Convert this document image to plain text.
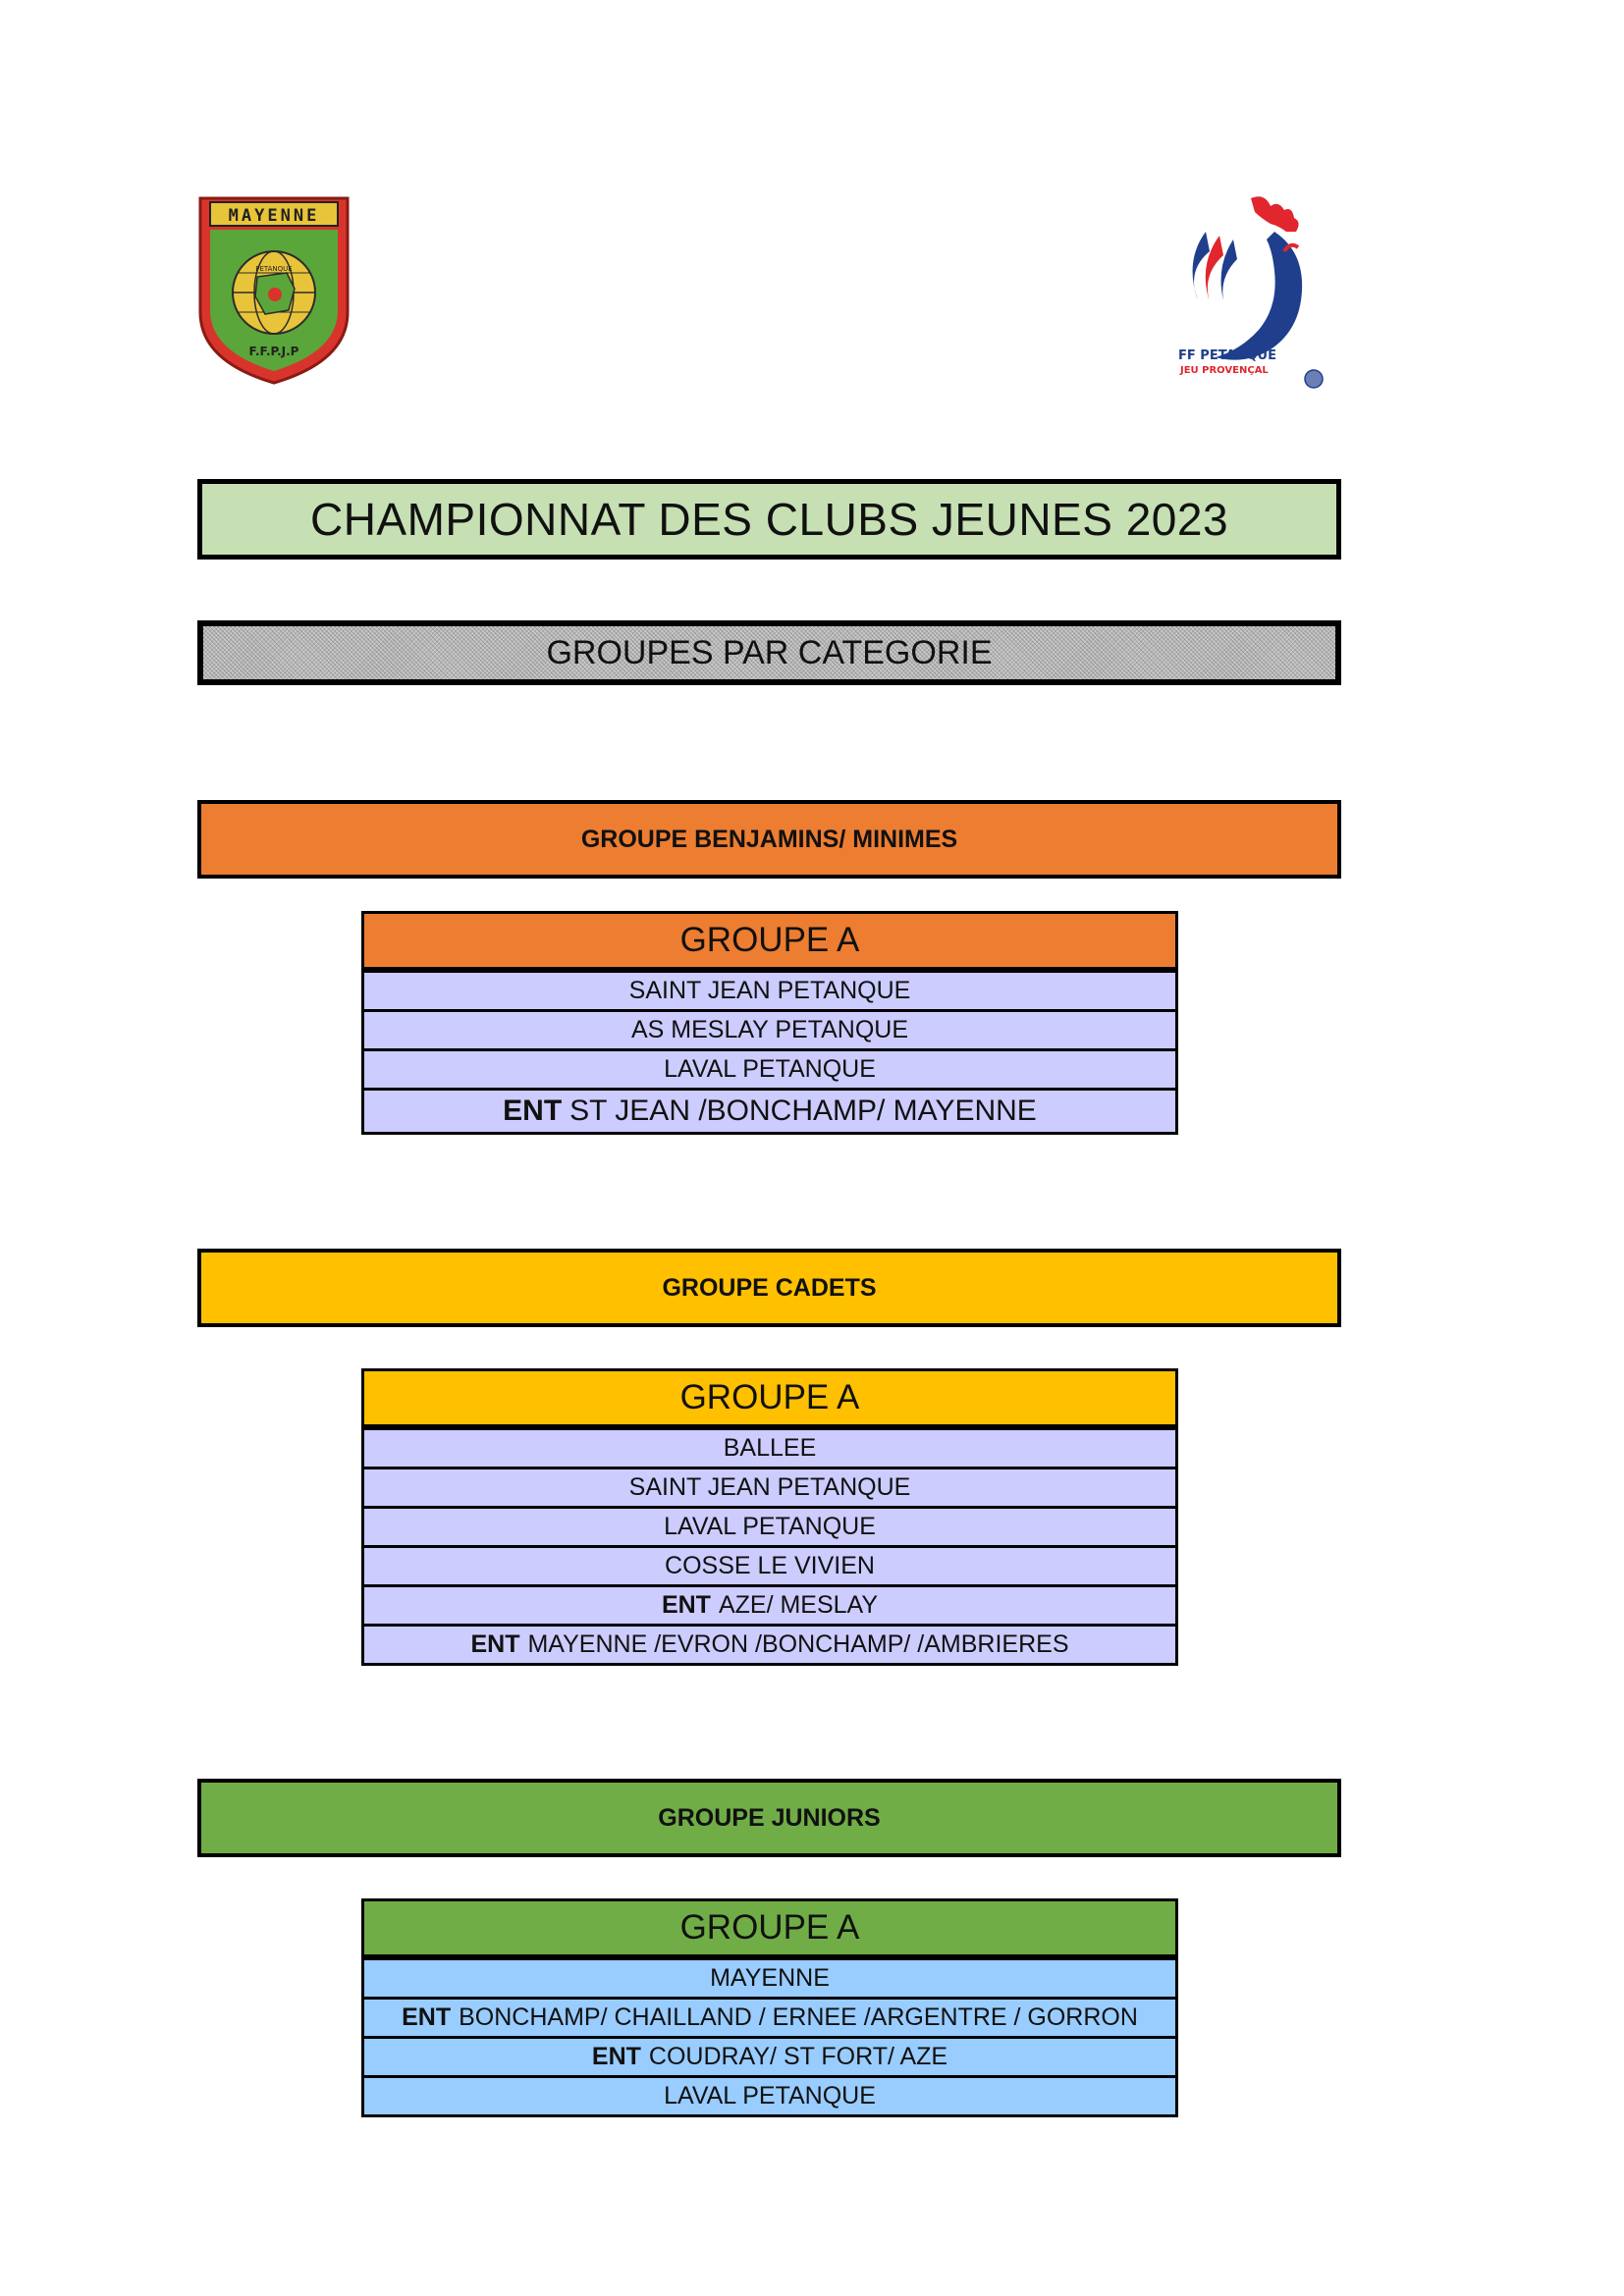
MAYENNE
PETANQUE
F.F.P.J.P	FF PETANQUE
JEU PROVENÇAL
CHAMPIONNAT DES CLUBS JEUNES 2023
GROUPES PAR CATEGORIE
GROUPE BENJAMINS/ MINIMES
GROUPE A
SAINT JEAN PETANQUE
AS MESLAY PETANQUE
LAVAL PETANQUE
ENT ST JEAN /BONCHAMP/ MAYENNE
GROUPE CADETS
GROUPE A
BALLEE
SAINT JEAN PETANQUE
LAVAL PETANQUE
COSSE LE VIVIEN
ENT AZE/ MESLAY
ENT MAYENNE /EVRON /BONCHAMP/ /AMBRIERES
GROUPE JUNIORS
GROUPE A
MAYENNE
ENT BONCHAMP/ CHAILLAND / ERNEE /ARGENTRE / GORRON
ENT COUDRAY/ ST FORT/ AZE
LAVAL PETANQUE
